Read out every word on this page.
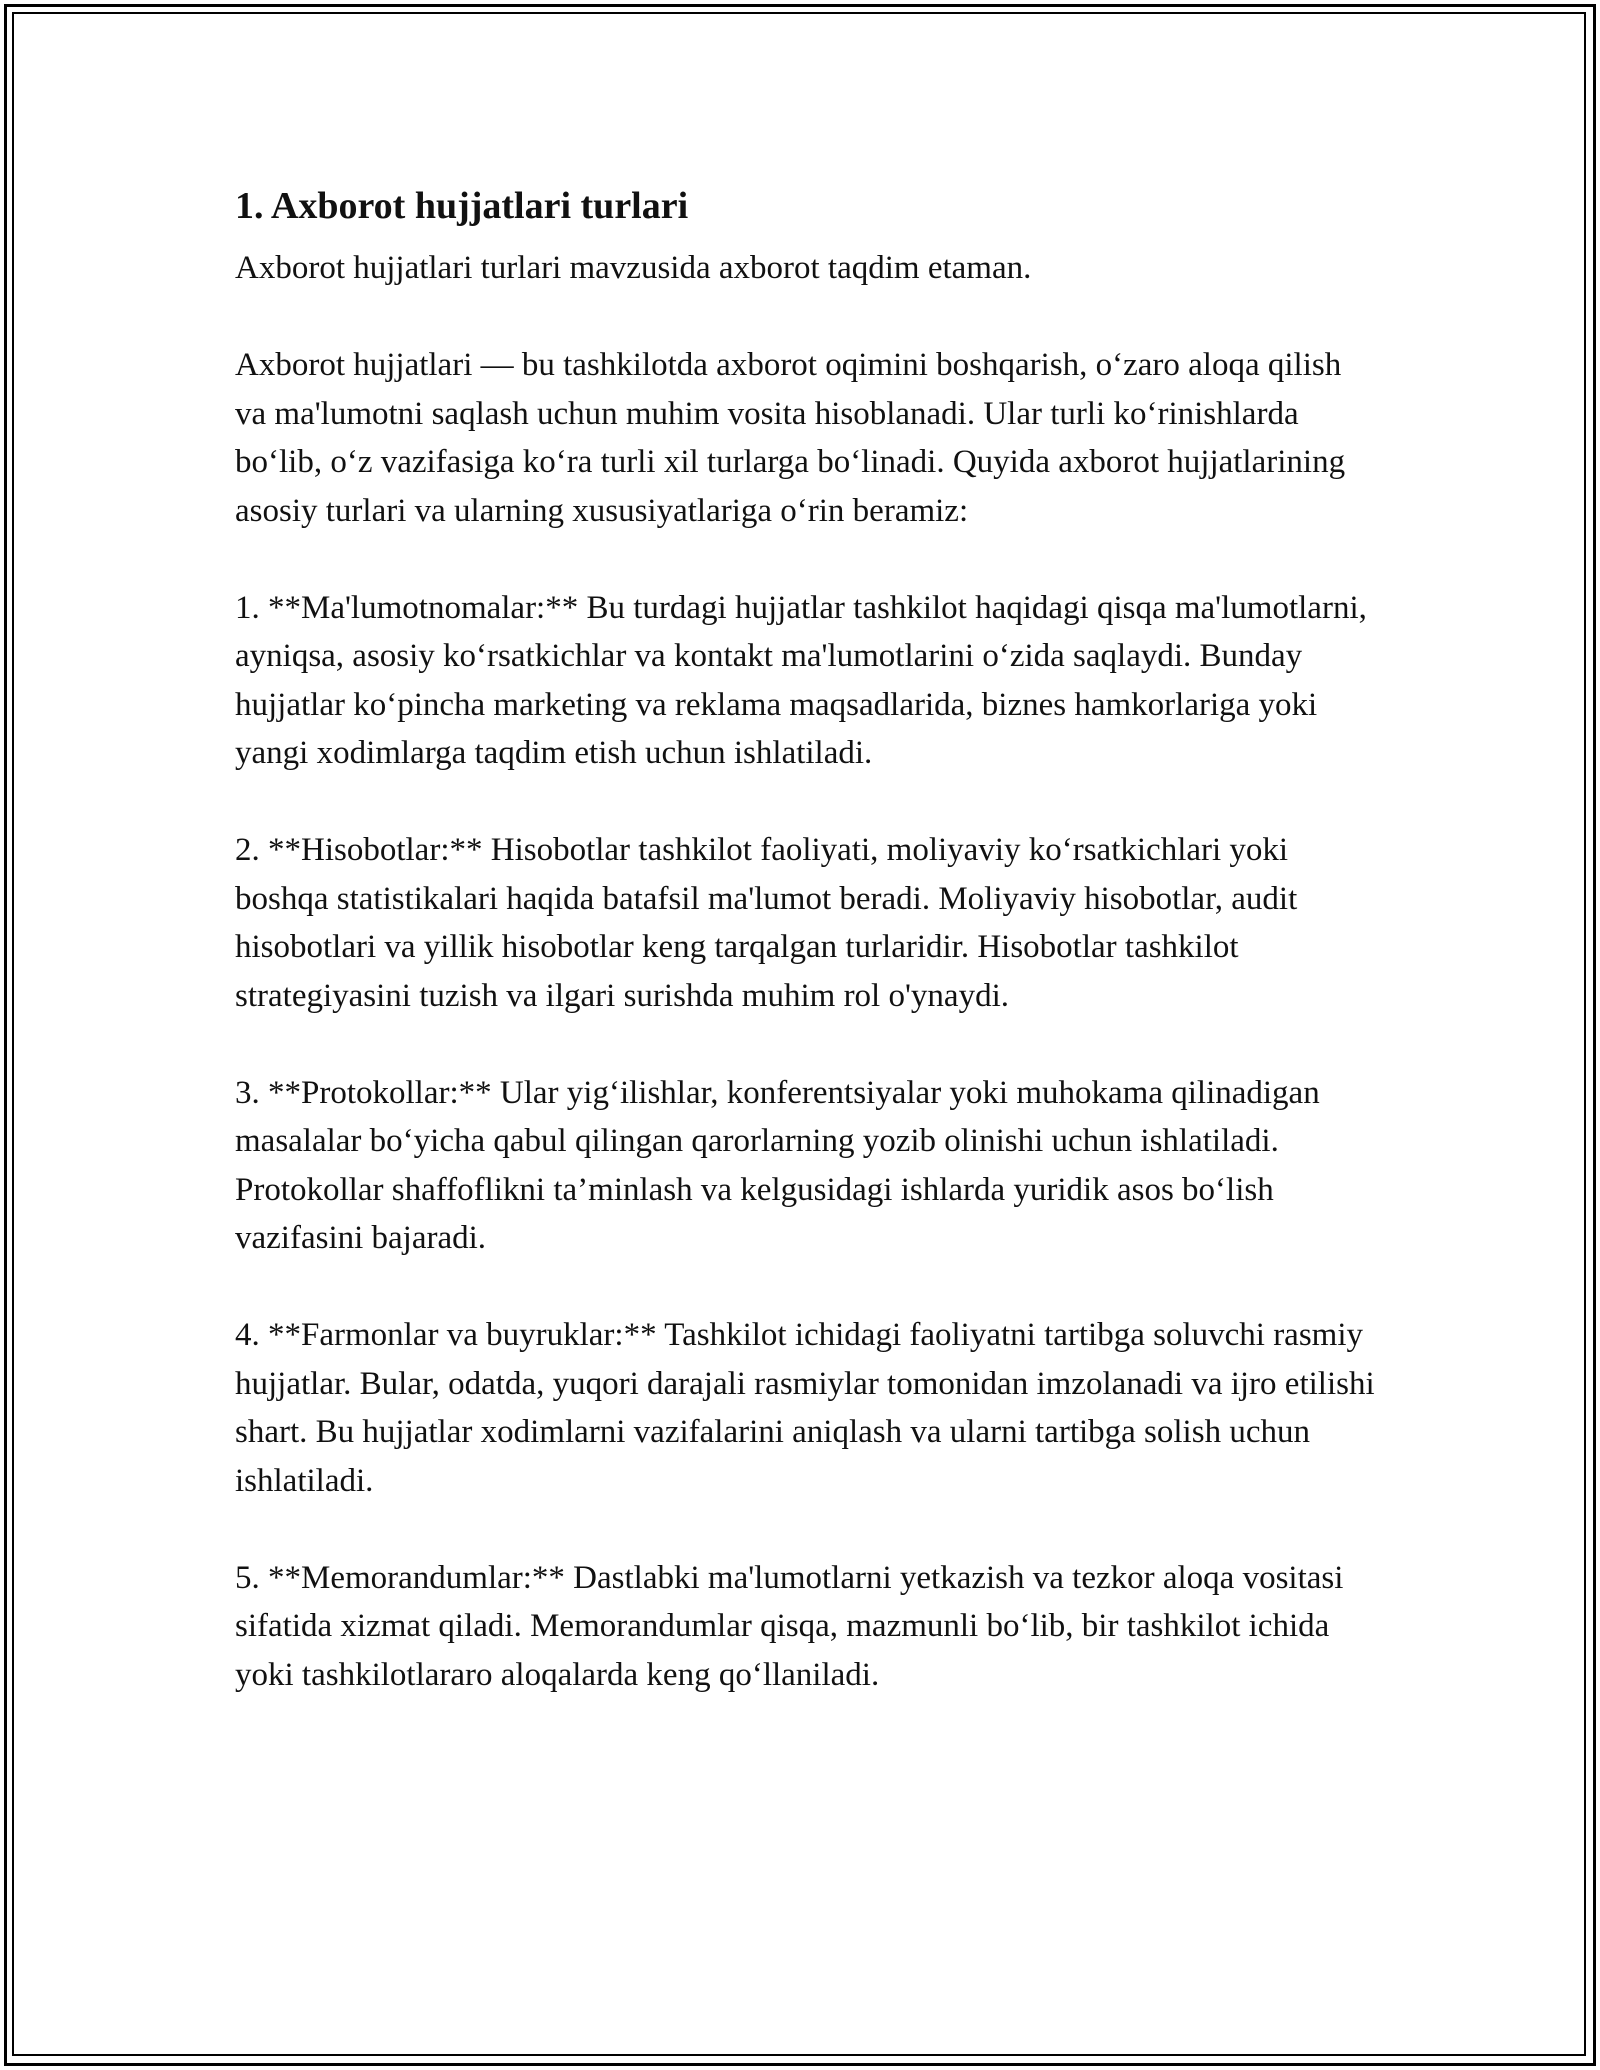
1. Axborot hujjatlari turlari

Axborot hujjatlari turlari mavzusida axborot taqdim etaman.

Axborot hujjatlari — bu tashkilotda axborot oqimini boshqarish, o‘zaro aloqa qilish va ma'lumotni saqlash uchun muhim vosita hisoblanadi. Ular turli ko‘rinishlarda bo‘lib, o‘z vazifasiga ko‘ra turli xil turlarga bo‘linadi. Quyida axborot hujjatlarining asosiy turlari va ularning xususiyatlariga o‘rin beramiz:

1. **Ma'lumotnomalar:** Bu turdagi hujjatlar tashkilot haqidagi qisqa ma'lumotlarni, ayniqsa, asosiy ko‘rsatkichlar va kontakt ma'lumotlarini o‘zida saqlaydi. Bunday hujjatlar ko‘pincha marketing va reklama maqsadlarida, biznes hamkorlariga yoki yangi xodimlarga taqdim etish uchun ishlatiladi.

2. **Hisobotlar:** Hisobotlar tashkilot faoliyati, moliyaviy ko‘rsatkichlari yoki boshqa statistikalari haqida batafsil ma'lumot beradi. Moliyaviy hisobotlar, audit hisobotlari va yillik hisobotlar keng tarqalgan turlaridir. Hisobotlar tashkilot strategiyasini tuzish va ilgari surishda muhim rol o'ynaydi.

3. **Protokollar:** Ular yig‘ilishlar, konferentsiyalar yoki muhokama qilinadigan masalalar bo‘yicha qabul qilingan qarorlarning yozib olinishi uchun ishlatiladi. Protokollar shaffoflikni ta’minlash va kelgusidagi ishlarda yuridik asos bo‘lish vazifasini bajaradi.

4. **Farmonlar va buyruklar:** Tashkilot ichidagi faoliyatni tartibga soluvchi rasmiy hujjatlar. Bular, odatda, yuqori darajali rasmiylar tomonidan imzolanadi va ijro etilishi shart. Bu hujjatlar xodimlarni vazifalarini aniqlash va ularni tartibga solish uchun ishlatiladi.

5. **Memorandumlar:** Dastlabki ma'lumotlarni yetkazish va tezkor aloqa vositasi sifatida xizmat qiladi. Memorandumlar qisqa, mazmunli bo‘lib, bir tashkilot ichida yoki tashkilotlararo aloqalarda keng qo‘llaniladi.
